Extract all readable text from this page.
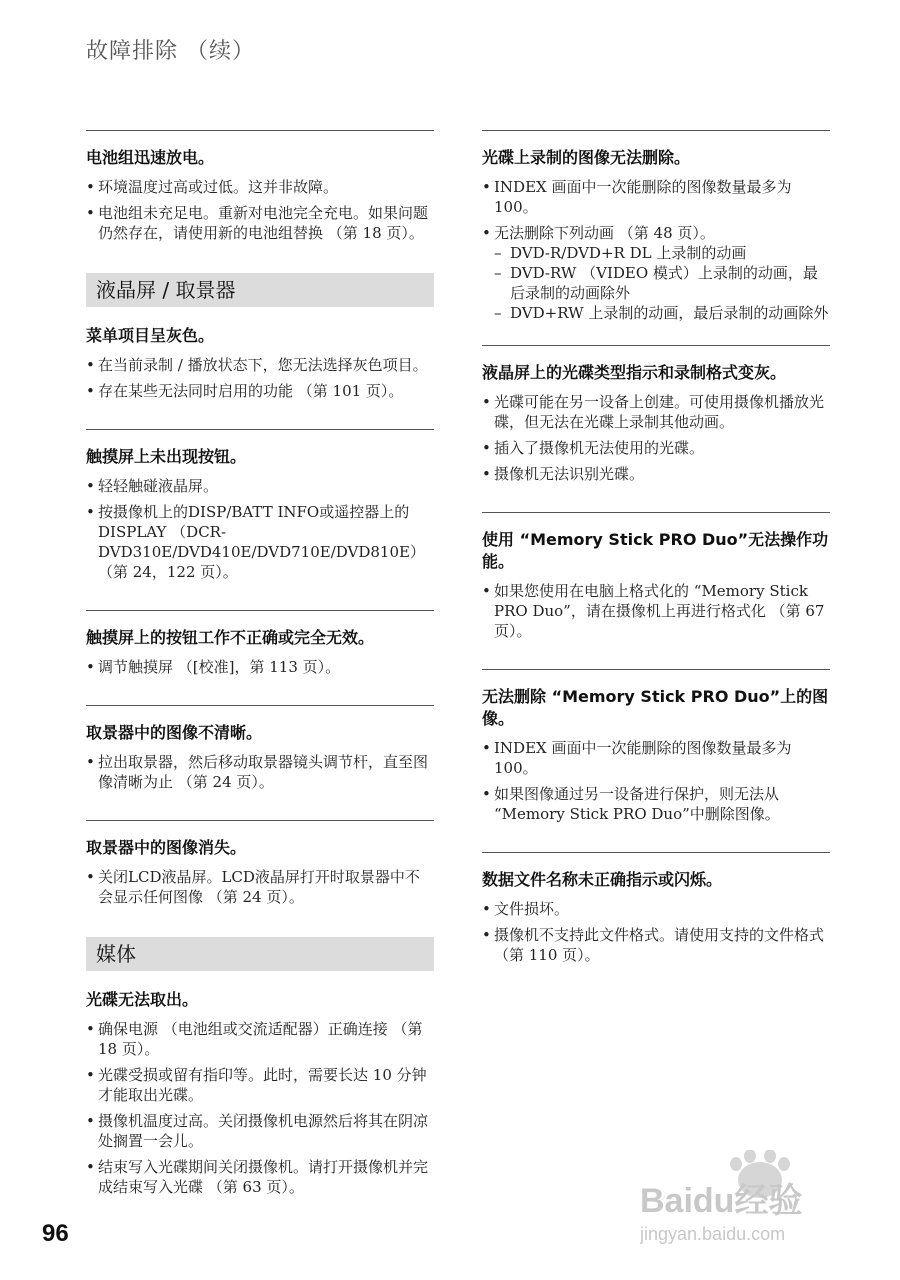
故障排除 （续）

电池组迅速放电。

• 环境温度过高或过低。这并非故障。

• 电池组未充足电。重新对电池完全充电。如果问题仍然存在，请使用新的电池组替换 （第 18 页）。

液晶屏 / 取景器

菜单项目呈灰色。

• 在当前录制 / 播放状态下，您无法选择灰色项目。

• 存在某些无法同时启用的功能 （第 101 页）。

触摸屏上未出现按钮。

• 轻轻触碰液晶屏。

• 按摄像机上的DISP/BATT INFO或遥控器上的 DISPLAY （DCR-DVD310E/DVD410E/DVD710E/DVD810E）（第 24，122 页）。

触摸屏上的按钮工作不正确或完全无效。

• 调节触摸屏 （[校准]，第 113 页）。

取景器中的图像不清晰。

• 拉出取景器，然后移动取景器镜头调节杆，直至图像清晰为止 （第 24 页）。

取景器中的图像消失。

• 关闭LCD液晶屏。LCD液晶屏打开时取景器中不会显示任何图像 （第 24 页）。

媒体

光碟无法取出。

• 确保电源 （电池组或交流适配器）正确连接 （第 18 页）。

• 光碟受损或留有指印等。此时，需要长达 10 分钟才能取出光碟。

• 摄像机温度过高。关闭摄像机电源然后将其在阴凉处搁置一会儿。

• 结束写入光碟期间关闭摄像机。请打开摄像机并完成结束写入光碟 （第 63 页）。

光碟上录制的图像无法删除。

• INDEX 画面中一次能删除的图像数量最多为 100。

• 无法删除下列动画 （第 48 页）。

– DVD-R/DVD+R DL 上录制的动画

– DVD-RW （VIDEO 模式）上录制的动画，最后录制的动画除外

– DVD+RW 上录制的动画，最后录制的动画除外

液晶屏上的光碟类型指示和录制格式变灰。

• 光碟可能在另一设备上创建。可使用摄像机播放光碟，但无法在光碟上录制其他动画。

• 插入了摄像机无法使用的光碟。

• 摄像机无法识别光碟。

使用 “Memory Stick PRO Duo”无法操作功能。

• 如果您使用在电脑上格式化的 “Memory Stick PRO Duo”，请在摄像机上再进行格式化 （第 67 页）。

无法删除 “Memory Stick PRO Duo”上的图像。

• INDEX 画面中一次能删除的图像数量最多为 100。

• 如果图像通过另一设备进行保护，则无法从 “Memory Stick PRO Duo”中删除图像。

数据文件名称未正确指示或闪烁。

• 文件损坏。

• 摄像机不支持此文件格式。请使用支持的文件格式 （第 110 页）。

96
Baidu经验
jingyan.baidu.com
